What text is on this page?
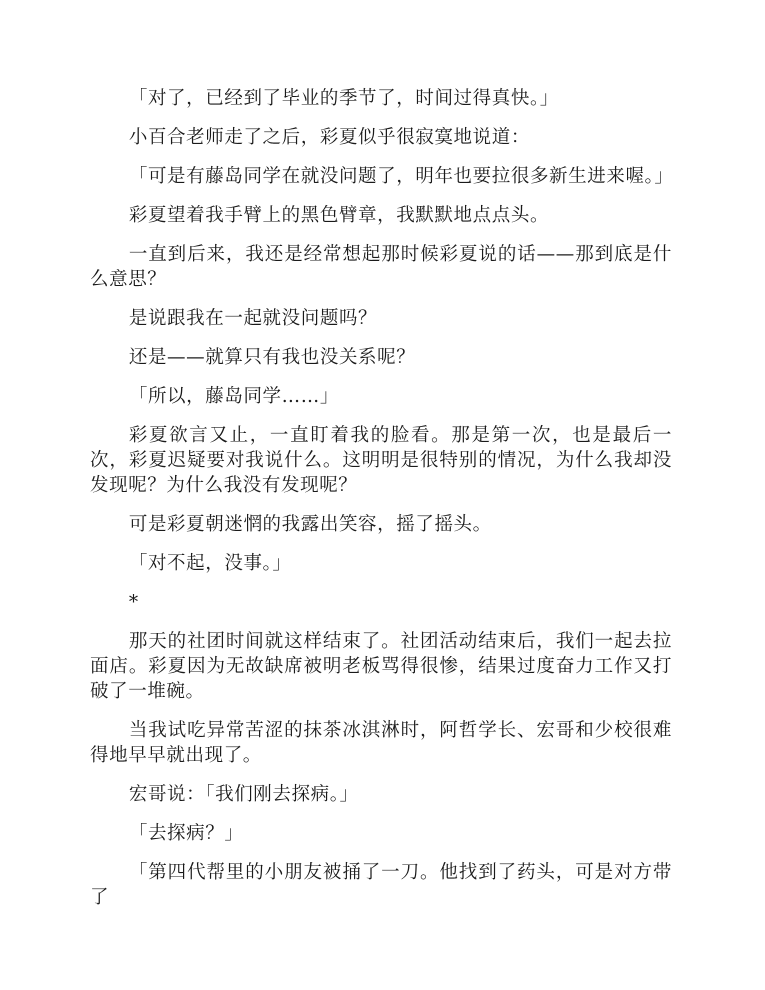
「对了，已经到了毕业的季节了，时间过得真快。」

小百合老师走了之后，彩夏似乎很寂寞地说道：

「可是有藤岛同学在就没问题了，明年也要拉很多新生进来喔。」

彩夏望着我手臂上的黑色臂章，我默默地点点头。

一直到后来，我还是经常想起那时候彩夏说的话——那到底是什么意思？

是说跟我在一起就没问题吗？

还是——就算只有我也没关系呢？

「所以，藤岛同学……」

彩夏欲言又止，一直盯着我的脸看。那是第一次，也是最后一次，彩夏迟疑要对我说什么。这明明是很特别的情况，为什么我却没发现呢？为什么我没有发现呢？

可是彩夏朝迷惘的我露出笑容，摇了摇头。

「对不起，没事。」

*

那天的社团时间就这样结束了。社团活动结束后，我们一起去拉面店。彩夏因为无故缺席被明老板骂得很惨，结果过度奋力工作又打破了一堆碗。

当我试吃异常苦涩的抹茶冰淇淋时，阿哲学长、宏哥和少校很难得地早早就出现了。

宏哥说：「我们刚去探病。」

「去探病？」

「第四代帮里的小朋友被捅了一刀。他找到了药头，可是对方带了
